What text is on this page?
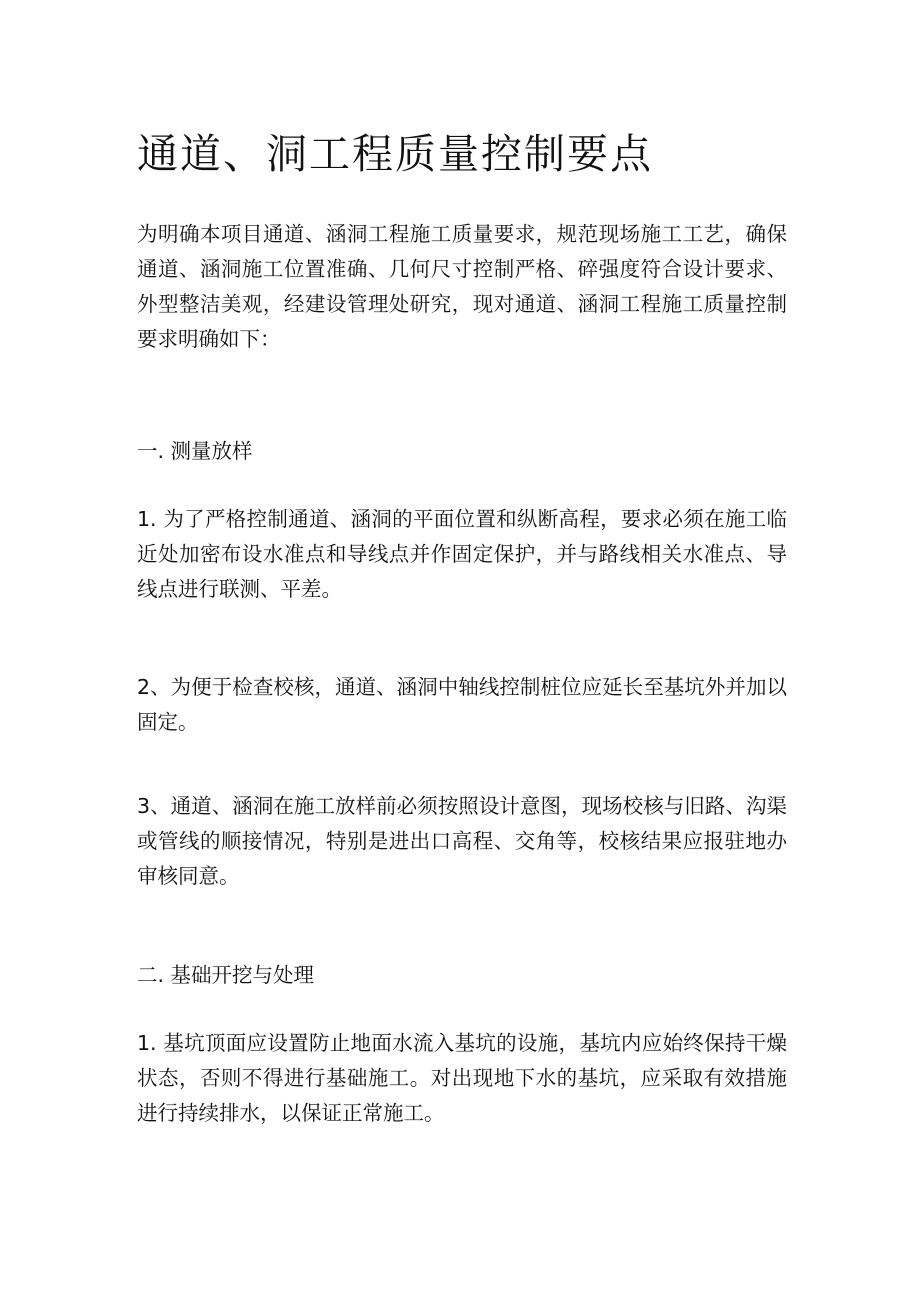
通道、洞工程质量控制要点

为明确本项目通道、涵洞工程施工质量要求，规范现场施工工艺，确保通道、涵洞施工位置准确、几何尺寸控制严格、碎强度符合设计要求、外型整洁美观，经建设管理处研究，现对通道、涵洞工程施工质量控制要求明确如下：

一. 测量放样

1. 为了严格控制通道、涵洞的平面位置和纵断高程，要求必须在施工临近处加密布设水准点和导线点并作固定保护，并与路线相关水准点、导线点进行联测、平差。

2、为便于检查校核，通道、涵洞中轴线控制桩位应延长至基坑外并加以固定。

3、通道、涵洞在施工放样前必须按照设计意图，现场校核与旧路、沟渠或管线的顺接情况，特别是进出口高程、交角等，校核结果应报驻地办审核同意。

二. 基础开挖与处理

1. 基坑顶面应设置防止地面水流入基坑的设施，基坑内应始终保持干燥状态，否则不得进行基础施工。对出现地下水的基坑，应采取有效措施进行持续排水，以保证正常施工。
